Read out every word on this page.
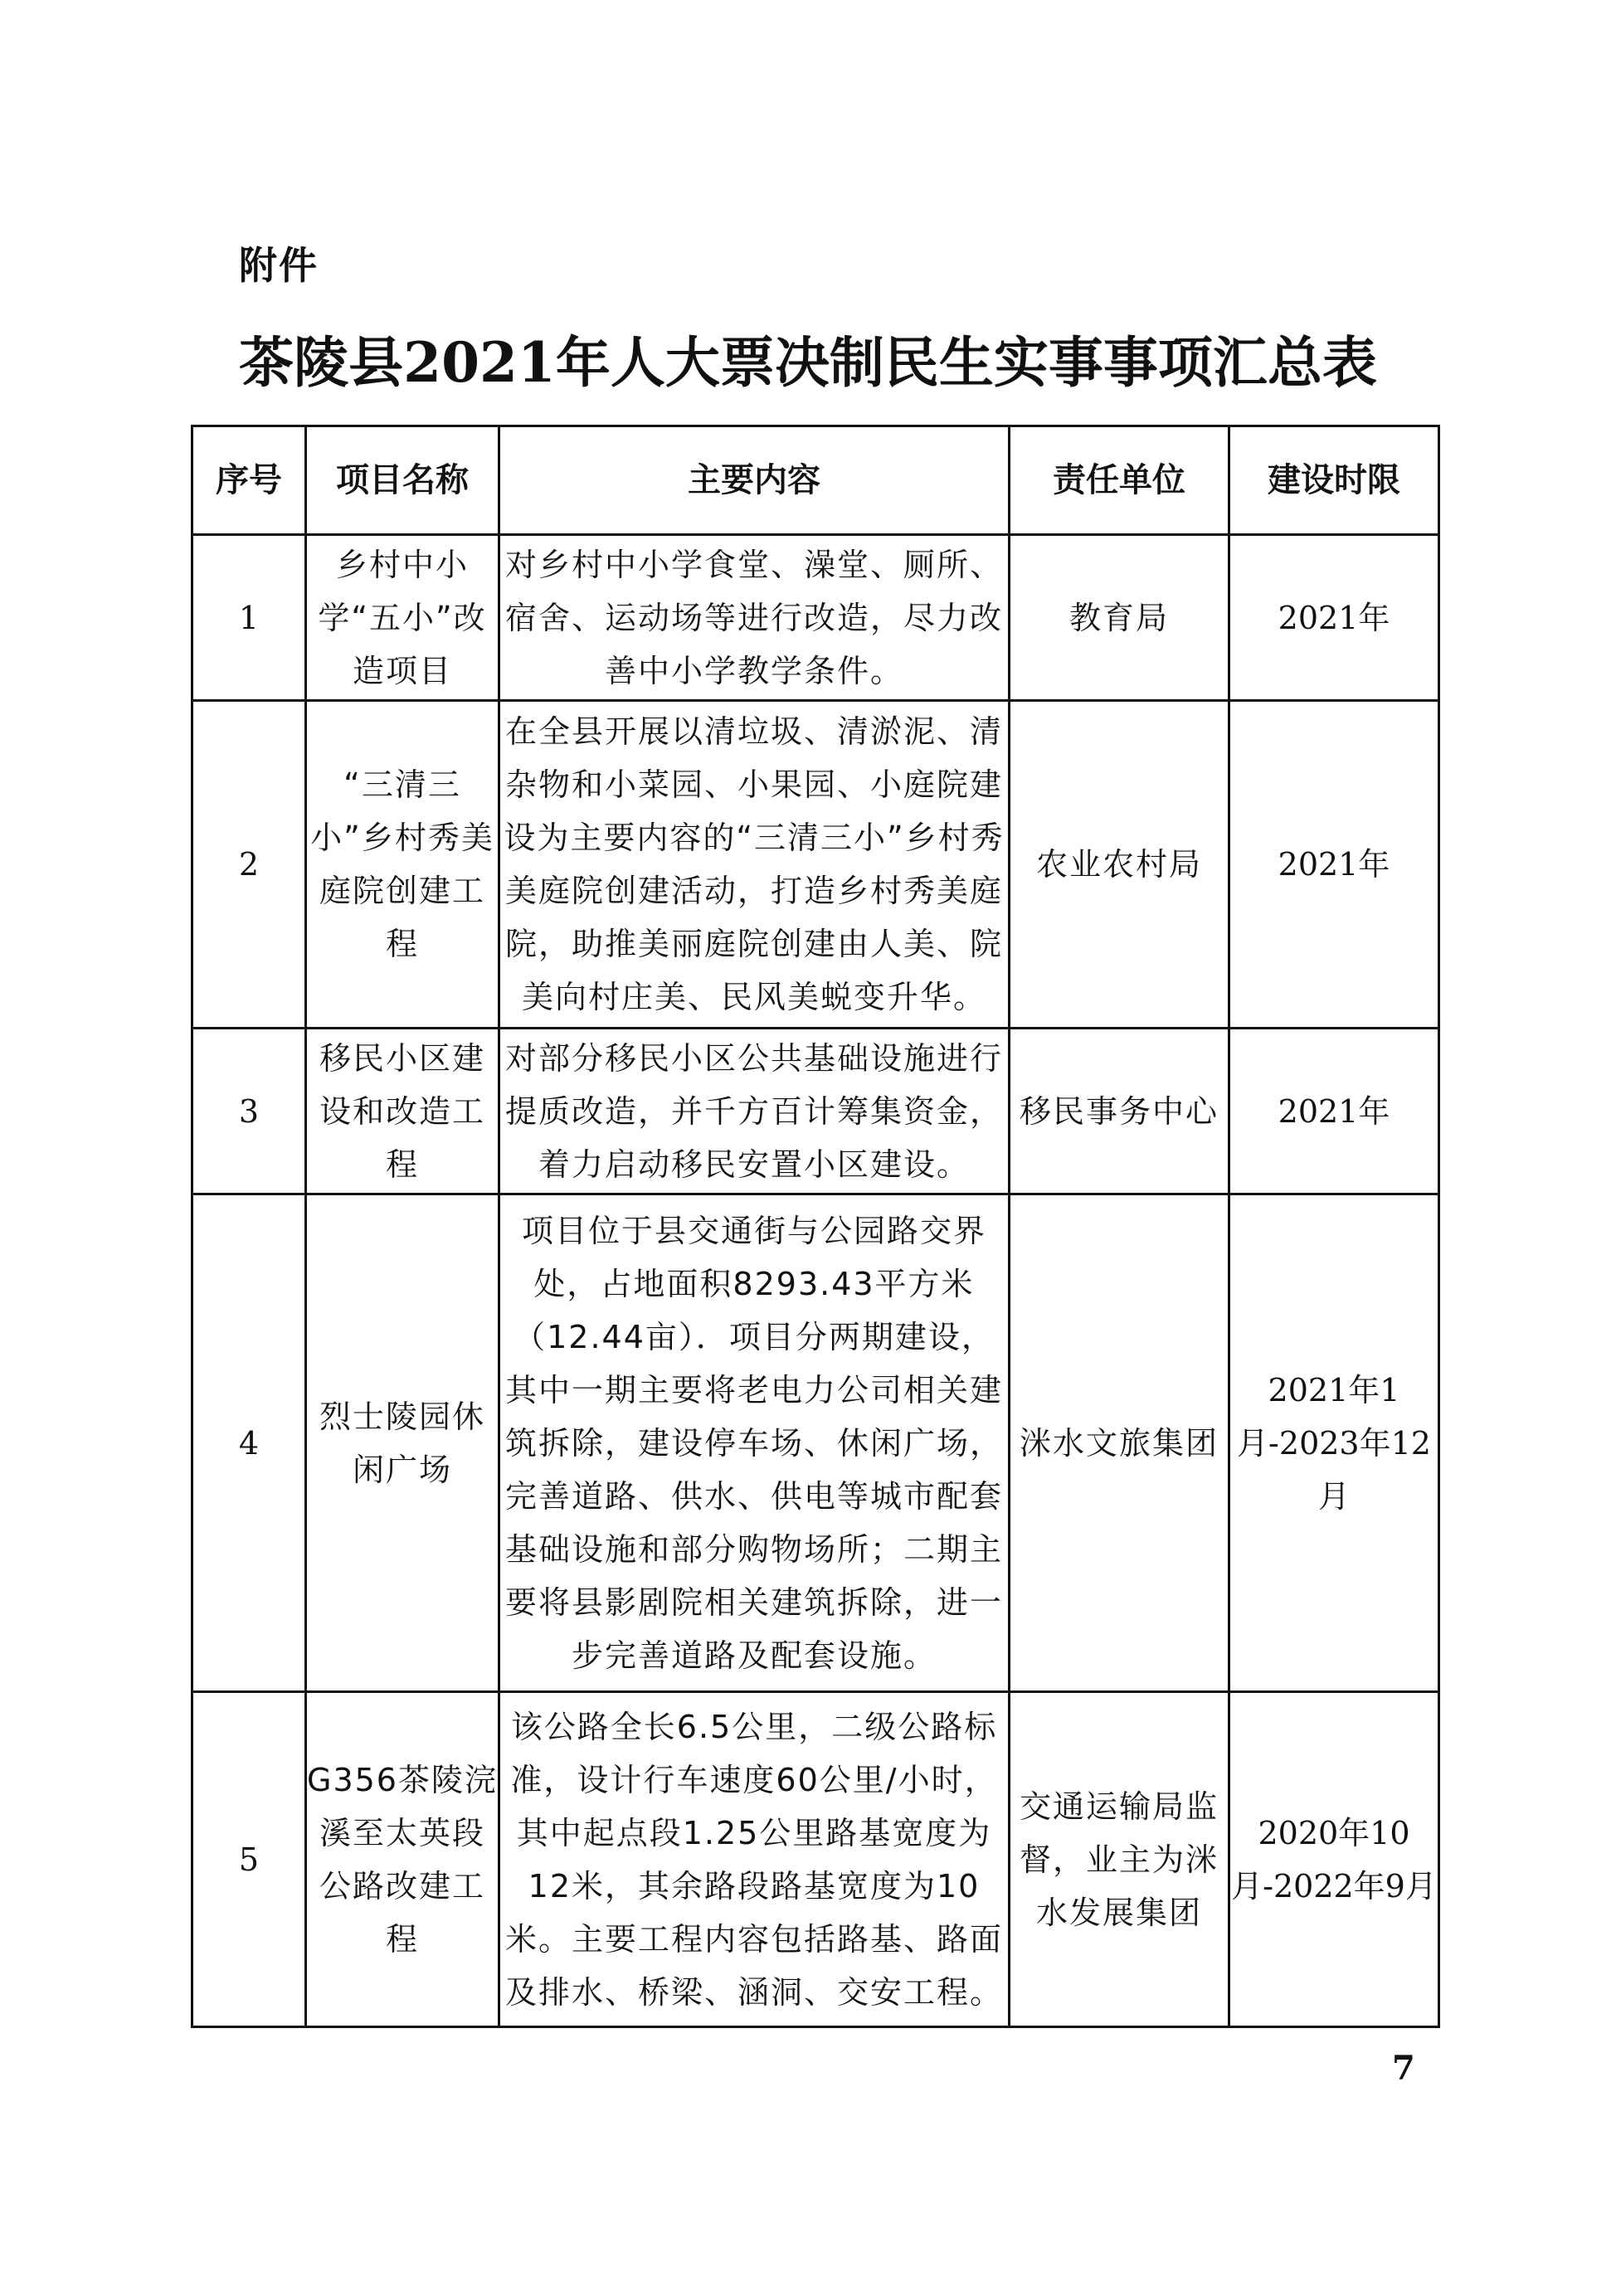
附件
茶陵县2021年人大票决制民生实事事项汇总表
序号	项目名称	主要内容	责任单位	建设时限
1	乡村中小学“五小”改造项目	对乡村中小学食堂、澡堂、厕所、宿舍、运动场等进行改造，尽力改善中小学教学条件。	教育局	2021年
2	“三清三小”乡村秀美庭院创建工程	在全县开展以清垃圾、清淤泥、清杂物和小菜园、小果园、小庭院建设为主要内容的“三清三小”乡村秀美庭院创建活动，打造乡村秀美庭院，助推美丽庭院创建由人美、院美向村庄美、民风美蜕变升华。	农业农村局	2021年
3	移民小区建设和改造工程	对部分移民小区公共基础设施进行提质改造，并千方百计筹集资金，着力启动移民安置小区建设。	移民事务中心	2021年
4	烈士陵园休闲广场	项目位于县交通街与公园路交界处，占地面积8293.43平方米（12.44亩）．项目分两期建设，其中一期主要将老电力公司相关建筑拆除，建设停车场、休闲广场，完善道路、供水、供电等城市配套基础设施和部分购物场所；二期主要将县影剧院相关建筑拆除，进一步完善道路及配套设施。	洣水文旅集团	2021年1月-2023年12月
5	G356茶陵浣溪至太英段公路改建工程	该公路全长6.5公里，二级公路标准，设计行车速度60公里/小时，其中起点段1.25公里路基宽度为12米，其余路段路基宽度为10米。主要工程内容包括路基、路面及排水、桥梁、涵洞、交安工程。	交通运输局监督，业主为洣水发展集团	2020年10月-2022年9月
7
